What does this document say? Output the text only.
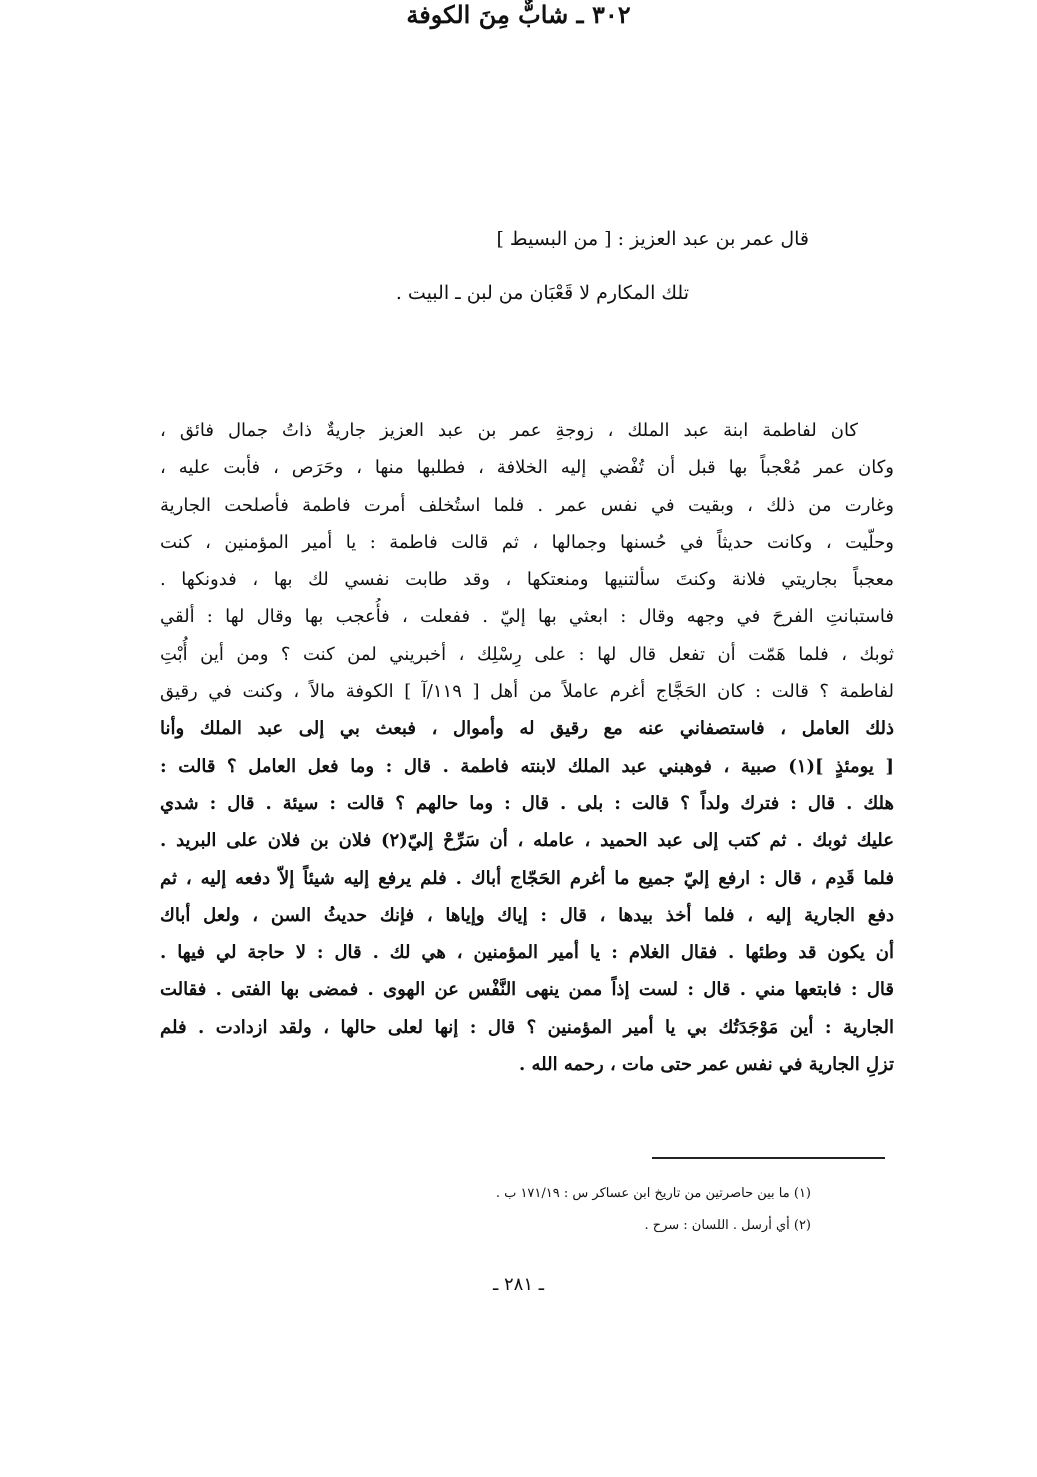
قال عمر بن عبد العزيز : [ من البسيط ]
تلك المكارم لا قَعْبَان من لبن ـ البيت .
٣٠٢ ـ شابٌّ مِنَ الكوفة
كان لفاطمة ابنة عبد الملك ، زوجةِ عمر بن عبد العزيز جاريةٌ ذاتُ جمال فائق ،
وكان عمر مُعْجباً بها قبل أن تُفْضي إليه الخلافة ، فطلبها منها ، وحَرَص ، فأبت عليه ،
وغارت من ذلك ، وبقيت في نفس عمر . فلما استُخلف أمرت فاطمة فأصلحت الجارية
وحلّيت ، وكانت حديثاً في حُسنها وجمالها ، ثم قالت فاطمة : يا أمير المؤمنين ، كنت
معجباً بجاريتي فلانة وكنتَ سألتنيها ومنعتكها ، وقد طابت نفسي لك بها ، فدونكها .
فاستبانتِ الفرحَ في وجهه وقال : ابعثي بها إليّ . ففعلت ، فأُعجب بها وقال لها : ألقي
ثوبك ، فلما هَمّت أن تفعل قال لها : على رِسْلِك ، أخبريني لمن كنت ؟ ومن أين أُبْتِ
لفاطمة ؟ قالت : كان الحَجَّاج أغرم عاملاً من أهل [ ١١٩/آ ] الكوفة مالاً ، وكنت في رقيق
ذلك العامل ، فاستصفاني عنه مع رقيق له وأموال ، فبعث بي إلى عبد الملك وأنا
[ يومئذٍ ](١) صبية ، فوهبني عبد الملك لابنته فاطمة . قال : وما فعل العامل ؟ قالت :
هلك . قال : فترك ولداً ؟ قالت : بلى . قال : وما حالهم ؟ قالت : سيئة . قال : شدي
عليك ثوبك . ثم كتب إلى عبد الحميد ، عامله ، أن سَرِّحْ إليّ(٢) فلان بن فلان على البريد .
فلما قَدِم ، قال : ارفع إليّ جميع ما أغرم الحَجّاج أباك . فلم يرفع إليه شيئاً إلاّ دفعه إليه ، ثم
دفع الجارية إليه ، فلما أخذ بيدها ، قال : إياك وإياها ، فإنك حديثُ السن ، ولعل أباك
أن يكون قد وطئها . فقال الغلام : يا أمير المؤمنين ، هي لك . قال : لا حاجة لي فيها .
قال : فابتعها مني . قال : لست إذاً ممن ينهى النَّفْس عن الهوى . فمضى بها الفتى . فقالت
الجارية : أين مَوْجَدَتُك بي يا أمير المؤمنين ؟ قال : إنها لعلى حالها ، ولقد ازدادت . فلم
تزلِ الجارية في نفس عمر حتى مات ، رحمه الله .
(١) ما بين حاصرتين من تاريخ ابن عساكر س : ١٧١/١٩ ب .
(٢) أي أرسل . اللسان : سرح .
ـ ٢٨١ ـ
